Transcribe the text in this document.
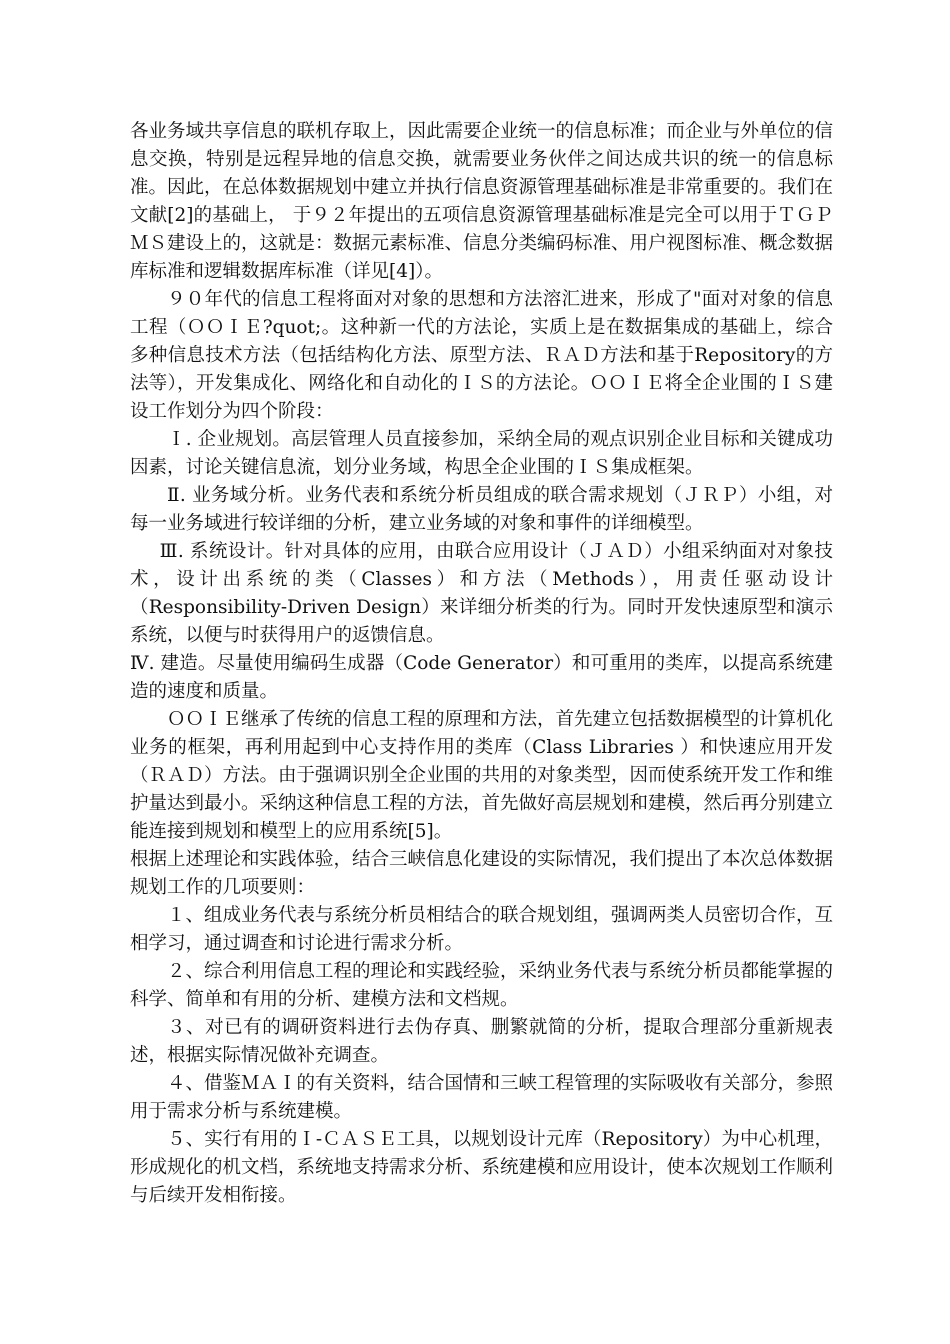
各业务域共享信息的联机存取上，因此需要企业统一的信息标准；而企业与外单位的信息交换，特别是远程异地的信息交换，就需要业务伙伴之间达成共识的统一的信息标准。因此，在总体数据规划中建立并执行信息资源管理基础标准是非常重要的。我们在文献[2]的基础上， 于９２年提出的五项信息资源管理基础标准是完全可以用于ＴＧＰＭＳ建设上的，这就是：数据元素标准、信息分类编码标准、用户视图标准、概念数据库标准和逻辑数据库标准（详见[4]）。

９０年代的信息工程将面对对象的思想和方法溶汇进来，形成了"面对对象的信息工程（ＯＯＩＥ?quot;。这种新一代的方法论，实质上是在数据集成的基础上，综合多种信息技术方法（包括结构化方法、原型方法、ＲＡＤ方法和基于Repository的方法等），开发集成化、网络化和自动化的ＩＳ的方法论。ＯＯＩＥ将全企业围的ＩＳ建设工作划分为四个阶段：

Ｉ. 企业规划。高层管理人员直接参加，采纳全局的观点识别企业目标和关键成功因素，讨论关键信息流，划分业务域，构思全企业围的ＩＳ集成框架。

Ⅱ. 业务域分析。业务代表和系统分析员组成的联合需求规划（ＪＲＰ）小组，对每一业务域进行较详细的分析，建立业务域的对象和事件的详细模型。

Ⅲ. 系统设计。针对具体的应用，由联合应用设计（ＪＡＤ）小组采纳面对对象技术，设计出系统的类（Classes）和方法（Methods），用责任驱动设计（Responsibility-Driven Design）来详细分析类的行为。同时开发快速原型和演示系统，以便与时获得用户的返馈信息。

Ⅳ. 建造。尽量使用编码生成器（Code Generator）和可重用的类库，以提高系统建造的速度和质量。

ＯＯＩＥ继承了传统的信息工程的原理和方法，首先建立包括数据模型的计算机化业务的框架，再利用起到中心支持作用的类库（Class Libraries ）和快速应用开发（ＲＡＤ）方法。由于强调识别全企业围的共用的对象类型，因而使系统开发工作和维护量达到最小。采纳这种信息工程的方法，首先做好高层规划和建模，然后再分别建立能连接到规划和模型上的应用系统[5]。

根据上述理论和实践体验，结合三峡信息化建设的实际情况，我们提出了本次总体数据规划工作的几项要则：

１、组成业务代表与系统分析员相结合的联合规划组，强调两类人员密切合作，互相学习，通过调查和讨论进行需求分析。

２、综合利用信息工程的理论和实践经验，采纳业务代表与系统分析员都能掌握的科学、简单和有用的分析、建模方法和文档规。

３、对已有的调研资料进行去伪存真、删繁就简的分析，提取合理部分重新规表述，根据实际情况做补充调查。

４、借鉴ＭＡＩ的有关资料，结合国情和三峡工程管理的实际吸收有关部分，参照用于需求分析与系统建模。

５、实行有用的Ｉ-ＣＡＳＥ工具，以规划设计元库（Repository）为中心机理，形成规化的机文档，系统地支持需求分析、系统建模和应用设计，使本次规划工作顺利与后续开发相衔接。
